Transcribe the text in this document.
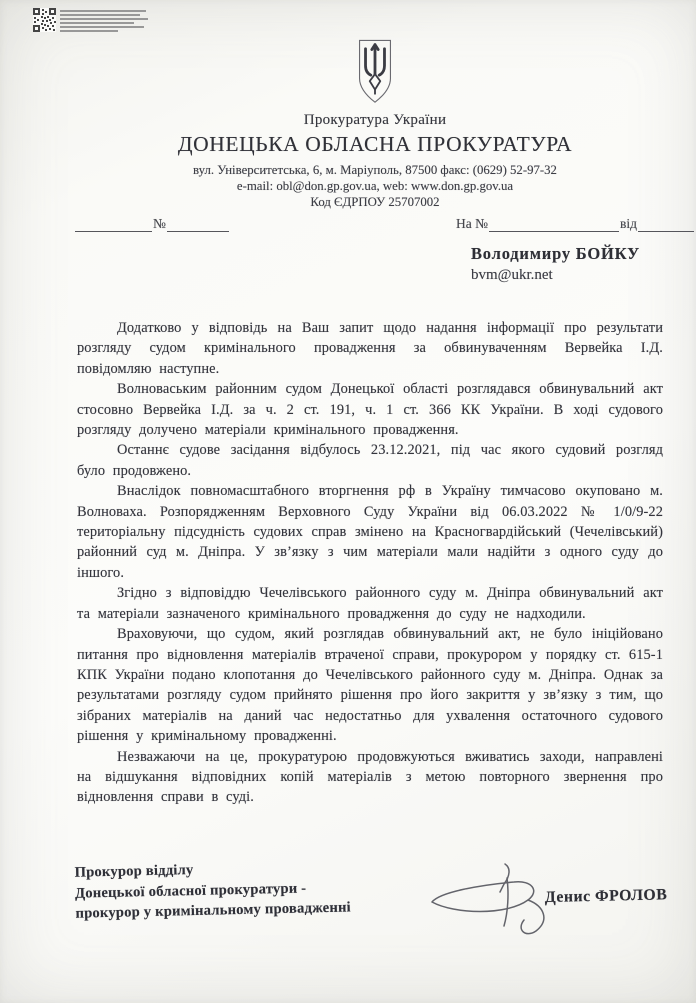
Прокуратура України
ДОНЕЦЬКА ОБЛАСНА ПРОКУРАТУРА
вул. Університетська, 6, м. Маріуполь, 87500 факс: (0629) 52-97-32
e-mail: obl@don.gp.gov.ua, web: www.don.gp.gov.ua
Код ЄДРПОУ 25707002
№	На №	від
Володимиру БОЙКУ
bvm@ukr.net

Додатково у відповідь на Ваш запит щодо надання інформації про результати розгляду судом кримінального провадження за обвинуваченням Вервейка І.Д. повідомляю наступне.

Волноваським районним судом Донецької області розглядався обвинувальний акт стосовно Вервейка І.Д. за ч. 2 ст. 191, ч. 1 ст. 366 КК України. В ході судового розгляду долучено матеріали кримінального провадження.

Останнє судове засідання відбулось 23.12.2021, під час якого судовий розгляд було продовжено.

Внаслідок повномасштабного вторгнення рф в Україну тимчасово окуповано м. Волноваха. Розпорядженням Верховного Суду України від 06.03.2022 № 1/0/9-22 територіальну підсудність судових справ змінено на Красногвардійський (Чечелівський) районний суд м. Дніпра. У зв’язку з чим матеріали мали надійти з одного суду до іншого.

Згідно з відповіддю Чечелівського районного суду м. Дніпра обвинувальний акт та матеріали зазначеного кримінального провадження до суду не надходили.

Враховуючи, що судом, який розглядав обвинувальний акт, не було ініційовано питання про відновлення матеріалів втраченої справи, прокурором у порядку ст. 615-1 КПК України подано клопотання до Чечелівського районного суду м. Дніпра. Однак за результатами розгляду судом прийнято рішення про його закриття у зв’язку з тим, що зібраних матеріалів на даний час недостатньо для ухвалення остаточного судового рішення у кримінальному провадженні.

Незважаючи на це, прокуратурою продовжуються вживатись заходи, направлені на відшукання відповідних копій матеріалів з метою повторного звернення про відновлення справи в суді.

Прокурор відділу
Донецької обласної прокуратури -
прокурор у кримінальному провадженні
Денис ФРОЛОВ
